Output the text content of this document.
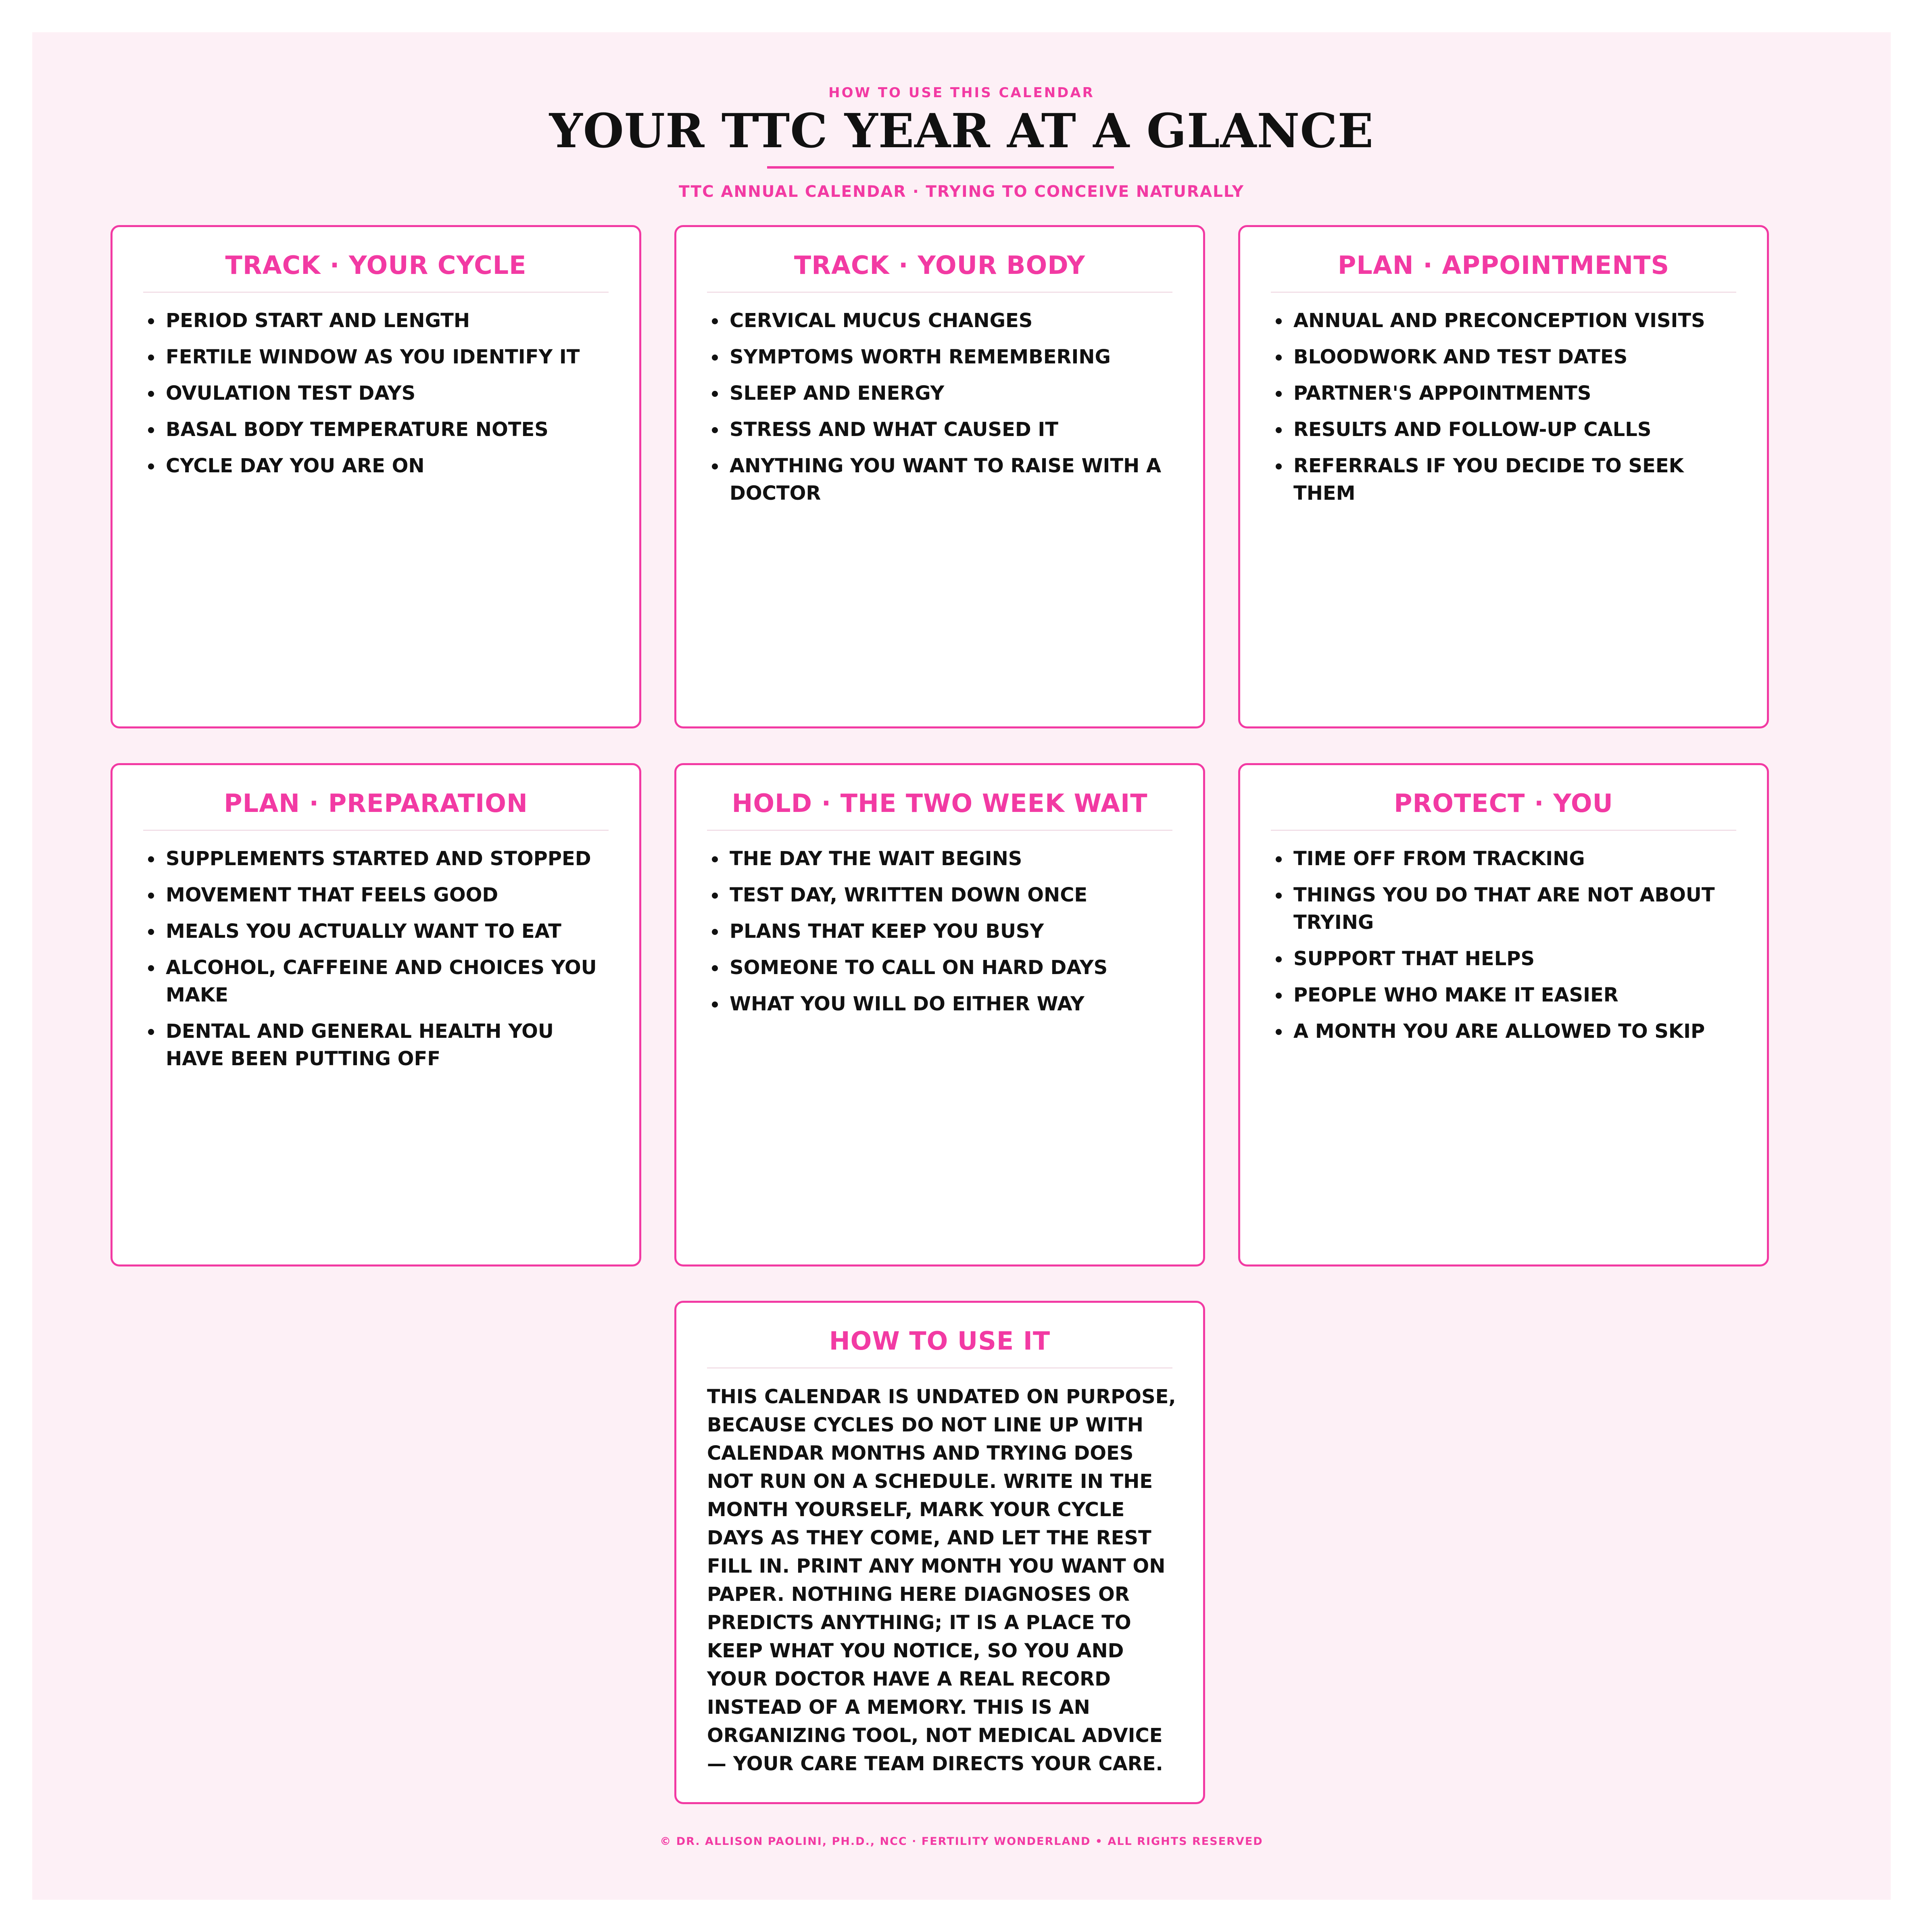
HOW TO USE THIS CALENDAR
YOUR TTC YEAR AT A GLANCE
TTC ANNUAL CALENDAR · TRYING TO CONCEIVE NATURALLY
TRACK · YOUR CYCLE
PERIOD START AND LENGTH
FERTILE WINDOW AS YOU IDENTIFY IT
OVULATION TEST DAYS
BASAL BODY TEMPERATURE NOTES
CYCLE DAY YOU ARE ON
TRACK · YOUR BODY
CERVICAL MUCUS CHANGES
SYMPTOMS WORTH REMEMBERING
SLEEP AND ENERGY
STRESS AND WHAT CAUSED IT
ANYTHING YOU WANT TO RAISE WITH A DOCTOR
PLAN · APPOINTMENTS
ANNUAL AND PRECONCEPTION VISITS
BLOODWORK AND TEST DATES
PARTNER'S APPOINTMENTS
RESULTS AND FOLLOW-UP CALLS
REFERRALS IF YOU DECIDE TO SEEK THEM
PLAN · PREPARATION
SUPPLEMENTS STARTED AND STOPPED
MOVEMENT THAT FEELS GOOD
MEALS YOU ACTUALLY WANT TO EAT
ALCOHOL, CAFFEINE AND CHOICES YOU MAKE
DENTAL AND GENERAL HEALTH YOU HAVE BEEN PUTTING OFF
HOLD · THE TWO WEEK WAIT
THE DAY THE WAIT BEGINS
TEST DAY, WRITTEN DOWN ONCE
PLANS THAT KEEP YOU BUSY
SOMEONE TO CALL ON HARD DAYS
WHAT YOU WILL DO EITHER WAY
PROTECT · YOU
TIME OFF FROM TRACKING
THINGS YOU DO THAT ARE NOT ABOUT TRYING
SUPPORT THAT HELPS
PEOPLE WHO MAKE IT EASIER
A MONTH YOU ARE ALLOWED TO SKIP
HOW TO USE IT

THIS CALENDAR IS UNDATED ON PURPOSE, BECAUSE CYCLES DO NOT LINE UP WITH CALENDAR MONTHS AND TRYING DOES NOT RUN ON A SCHEDULE. WRITE IN THE MONTH YOURSELF, MARK YOUR CYCLE DAYS AS THEY COME, AND LET THE REST FILL IN. PRINT ANY MONTH YOU WANT ON PAPER. NOTHING HERE DIAGNOSES OR PREDICTS ANYTHING; IT IS A PLACE TO KEEP WHAT YOU NOTICE, SO YOU AND YOUR DOCTOR HAVE A REAL RECORD INSTEAD OF A MEMORY. THIS IS AN ORGANIZING TOOL, NOT MEDICAL ADVICE — YOUR CARE TEAM DIRECTS YOUR CARE.

© DR. ALLISON PAOLINI, PH.D., NCC · FERTILITY WONDERLAND • ALL RIGHTS RESERVED
